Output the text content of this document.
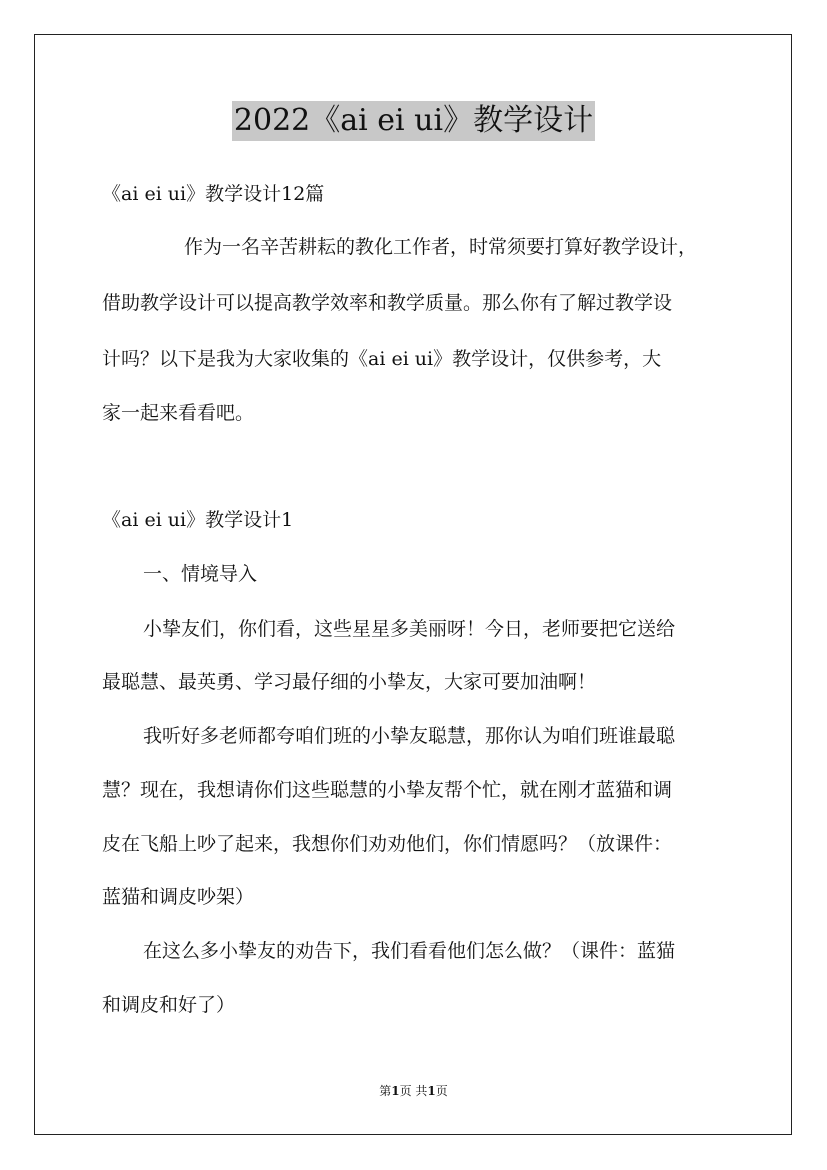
2022《ai ei ui》教学设计
《ai ei ui》教学设计12篇
作为一名辛苦耕耘的教化工作者，时常须要打算好教学设计，
借助教学设计可以提高教学效率和教学质量。那么你有了解过教学设
计吗？以下是我为大家收集的《ai ei ui》教学设计，仅供参考，大
家一起来看看吧。
《ai ei ui》教学设计1
一、情境导入
小挚友们，你们看，这些星星多美丽呀！今日，老师要把它送给
最聪慧、最英勇、学习最仔细的小挚友，大家可要加油啊！
我听好多老师都夸咱们班的小挚友聪慧，那你认为咱们班谁最聪
慧？现在，我想请你们这些聪慧的小挚友帮个忙，就在刚才蓝猫和调
皮在飞船上吵了起来，我想你们劝劝他们，你们情愿吗？（放课件：
蓝猫和调皮吵架）
在这么多小挚友的劝告下，我们看看他们怎么做？（课件：蓝猫
和调皮和好了）
第1页 共1页
